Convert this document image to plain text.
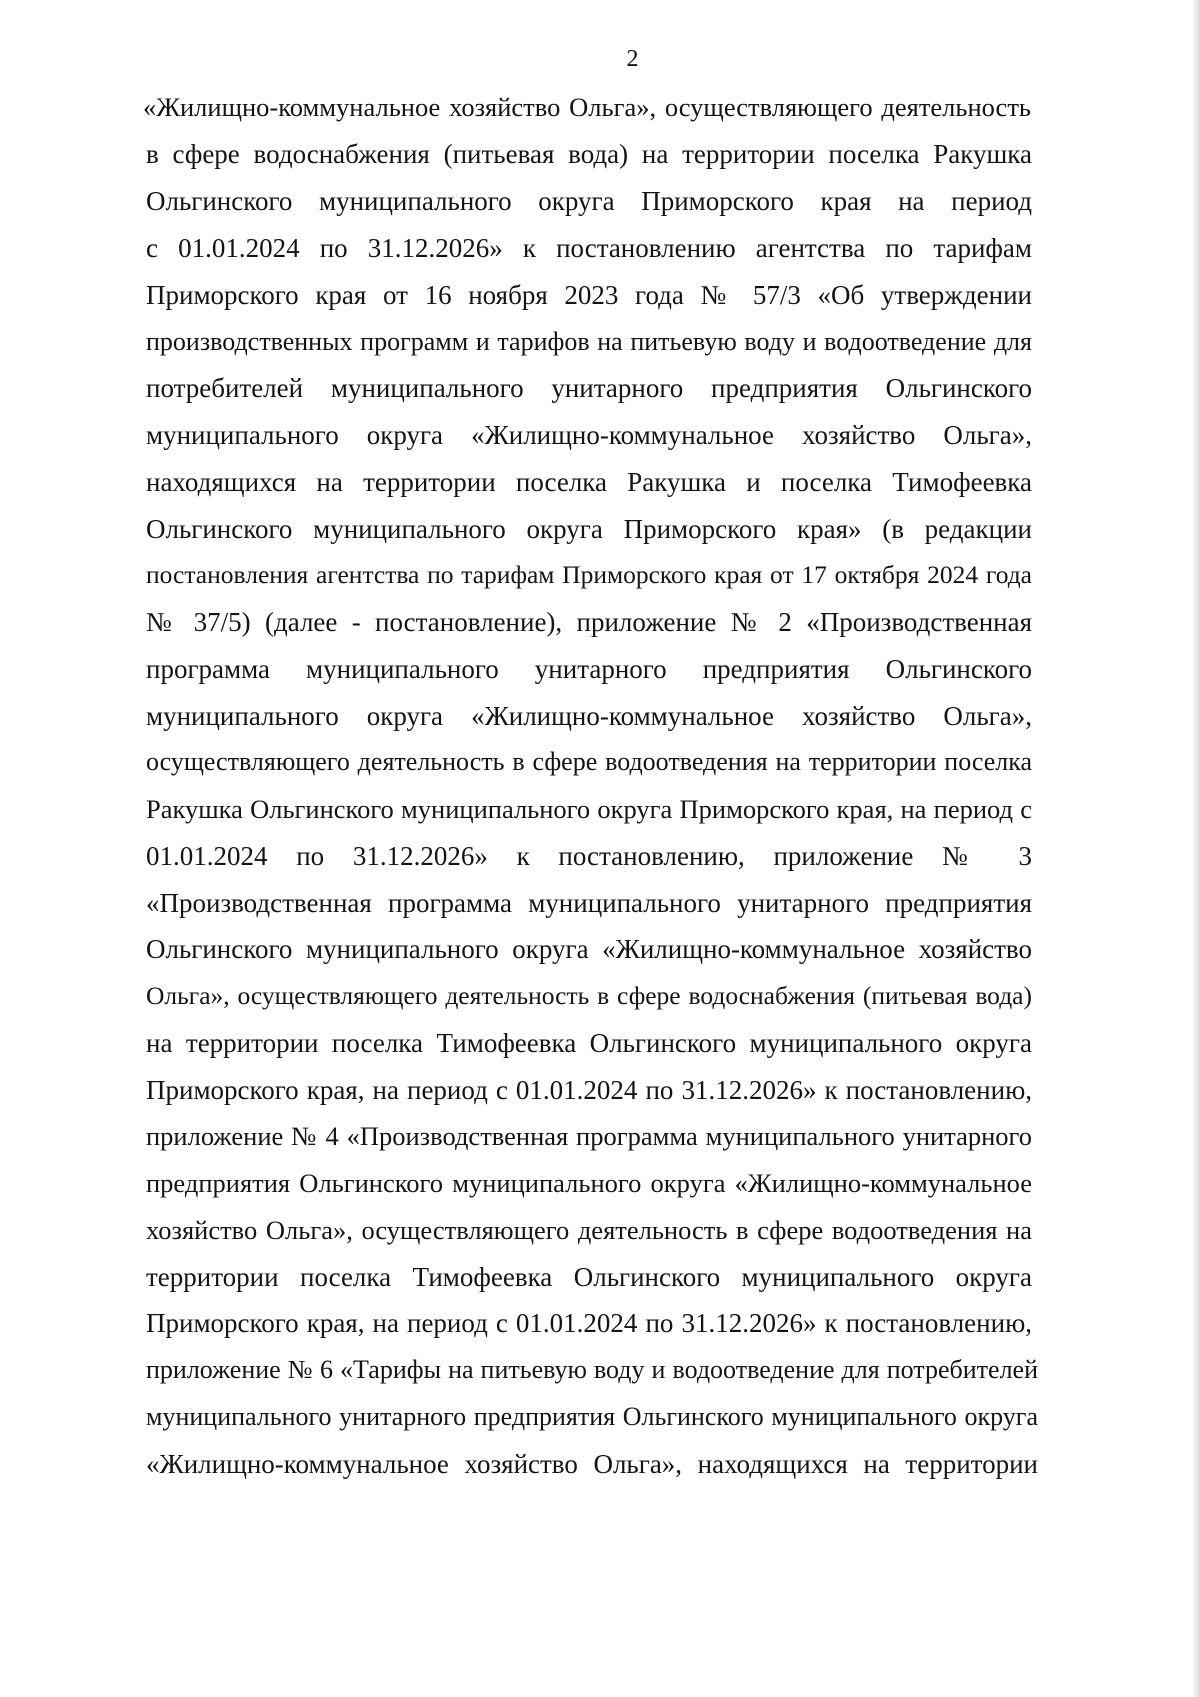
2
«Жилищно-коммунальное хозяйство Ольга», осуществляющего деятельность
в сфере водоснабжения (питьевая вода) на территории поселка Ракушка
Ольгинского муниципального округа Приморского края на период
с 01.01.2024 по 31.12.2026» к постановлению агентства по тарифам
Приморского края от 16 ноября 2023 года № 57/3 «Об утверждении
производственных программ и тарифов на питьевую воду и водоотведение для
потребителей муниципального унитарного предприятия Ольгинского
муниципального округа «Жилищно-коммунальное хозяйство Ольга»,
находящихся на территории поселка Ракушка и поселка Тимофеевка
Ольгинского муниципального округа Приморского края» (в редакции
постановления агентства по тарифам Приморского края от 17 октября 2024 года
№ 37/5) (далее - постановление), приложение № 2 «Производственная
программа муниципального унитарного предприятия Ольгинского
муниципального округа «Жилищно-коммунальное хозяйство Ольга»,
осуществляющего деятельность в сфере водоотведения на территории поселка
Ракушка Ольгинского муниципального округа Приморского края, на период с
01.01.2024 по 31.12.2026» к постановлению, приложение № 3
«Производственная программа муниципального унитарного предприятия
Ольгинского муниципального округа «Жилищно-коммунальное хозяйство
Ольга», осуществляющего деятельность в сфере водоснабжения (питьевая вода)
на территории поселка Тимофеевка Ольгинского муниципального округа
Приморского края, на период с 01.01.2024 по 31.12.2026» к постановлению,
приложение № 4 «Производственная программа муниципального унитарного
предприятия Ольгинского муниципального округа «Жилищно-коммунальное
хозяйство Ольга», осуществляющего деятельность в сфере водоотведения на
территории поселка Тимофеевка Ольгинского муниципального округа
Приморского края, на период с 01.01.2024 по 31.12.2026» к постановлению,
приложение № 6 «Тарифы на питьевую воду и водоотведение для потребителей
муниципального унитарного предприятия Ольгинского муниципального округа
«Жилищно-коммунальное хозяйство Ольга», находящихся на территории
